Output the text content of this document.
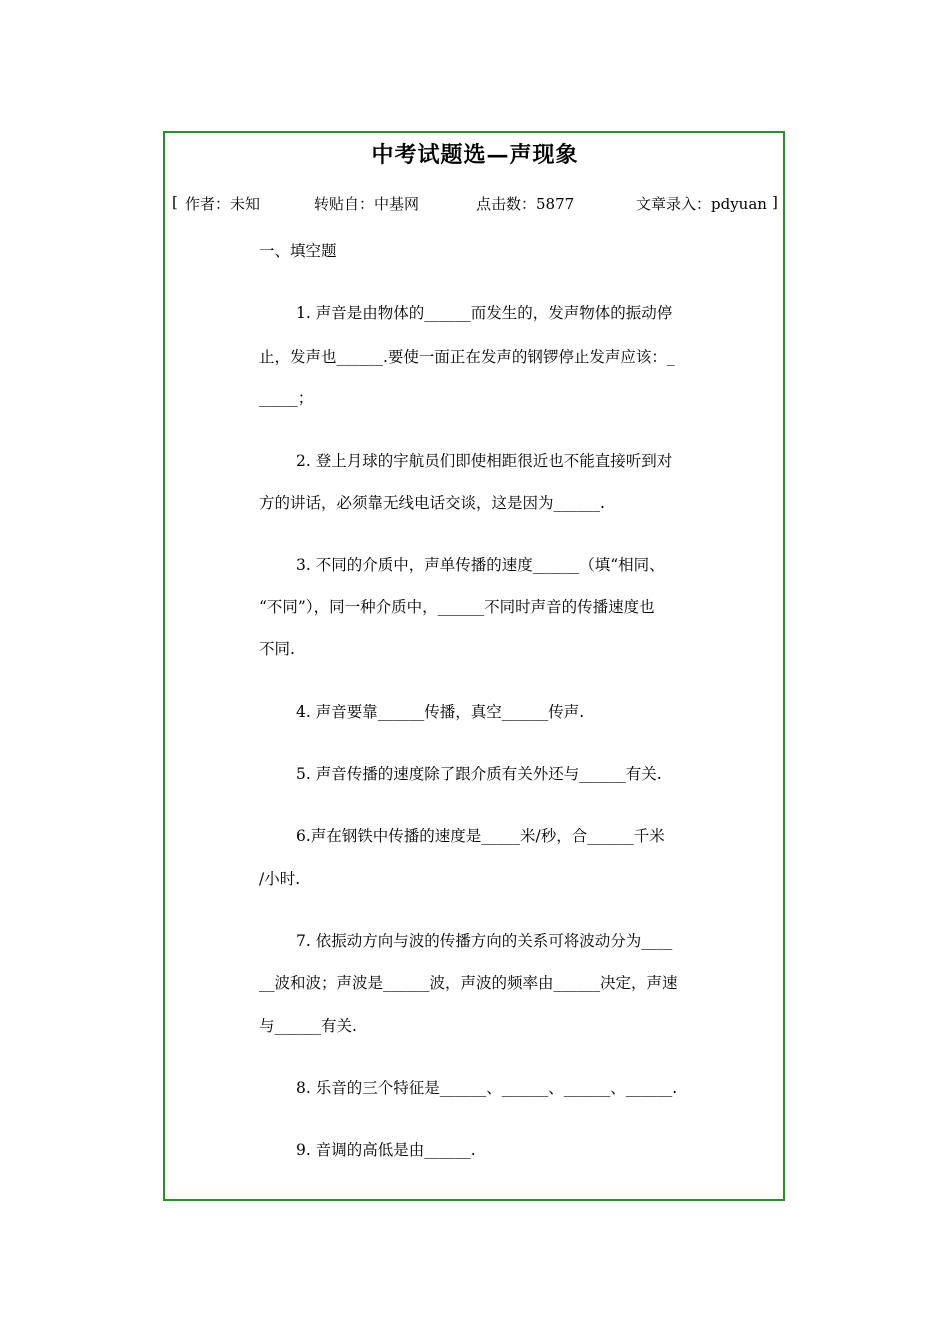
中考试题选—声现象
[ 作者：未知	转贴自：中基网	点击数：5877	文章录入：pdyuan ]
一、填空题
1. 声音是由物体的______而发生的，发声物体的振动停
止，发声也______.要使一面正在发声的钢锣停止发声应该：_
_____；
2. 登上月球的宇航员们即使相距很近也不能直接听到对
方的讲话，必须靠无线电话交谈，这是因为______.
3. 不同的介质中，声单传播的速度______（填“相同、
“不同”），同一种介质中，______不同时声音的传播速度也
不同.
4. 声音要靠______传播，真空______传声.
5. 声音传播的速度除了跟介质有关外还与______有关.
6.声在钢铁中传播的速度是_____米/秒，合______千米
/小时.
7. 依振动方向与波的传播方向的关系可将波动分为____
__波和波；声波是______波，声波的频率由______决定，声速
与______有关.
8. 乐音的三个特征是______、______、______、______.
9. 音调的高低是由______.
